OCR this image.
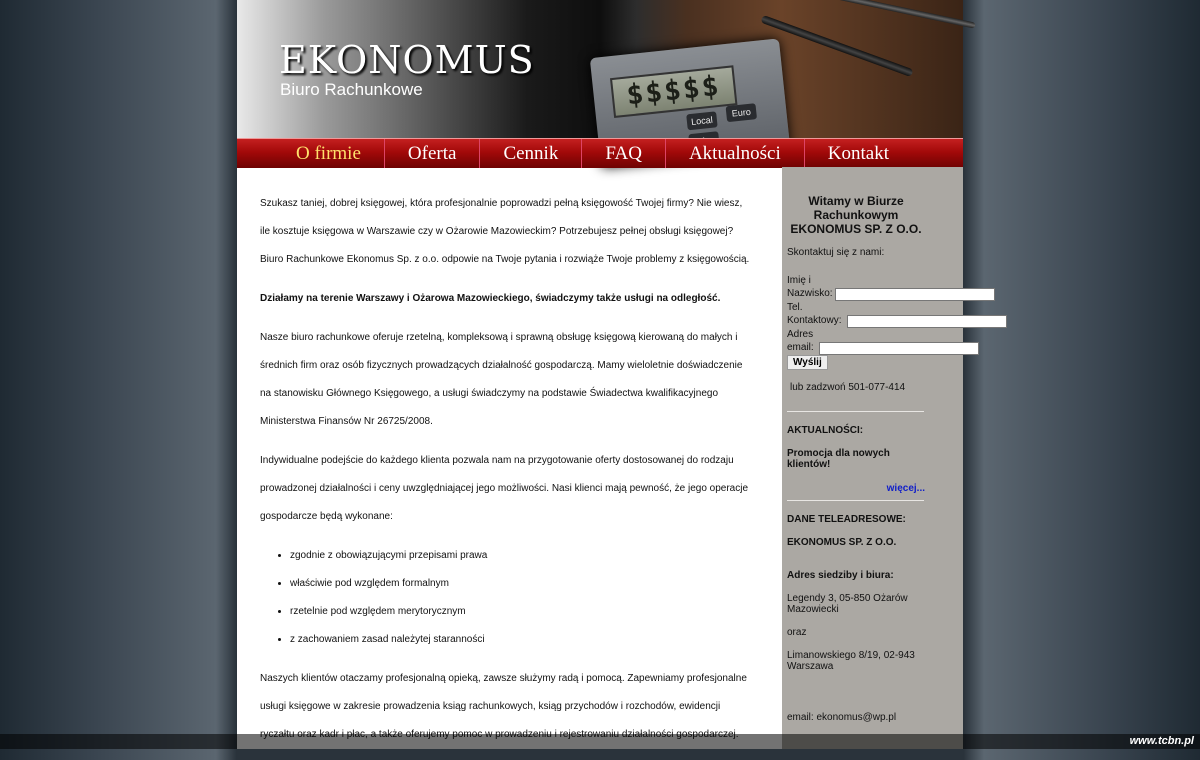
$$$$$
Local
Euro
EKONOMUS
Biuro Rachunkowe
O firmie	Oferta	Cennik	FAQ	Aktualności	Kontakt

Szukasz taniej, dobrej księgowej, która profesjonalnie poprowadzi pełną księgowość Twojej firmy? Nie wiesz, ile kosztuje księgowa w Warszawie czy w Ożarowie Mazowieckim? Potrzebujesz pełnej obsługi księgowej? Biuro Rachunkowe Ekonomus Sp. z o.o. odpowie na Twoje pytania i rozwiąże Twoje problemy z księgowością.

Działamy na terenie Warszawy i Ożarowa Mazowieckiego, świadczymy także usługi na odległość.

Nasze biuro rachunkowe oferuje rzetelną, kompleksową i sprawną obsługę księgową kierowaną do małych i średnich firm oraz osób fizycznych prowadzących działalność gospodarczą. Mamy wieloletnie doświadczenie na stanowisku Głównego Księgowego, a usługi świadczymy na podstawie Świadectwa kwalifikacyjnego Ministerstwa Finansów Nr 26725/2008.

Indywidualne podejście do każdego klienta pozwala nam na przygotowanie oferty dostosowanej do rodzaju prowadzonej działalności i ceny uwzględniającej jego możliwości. Nasi klienci mają pewność, że jego operacje gospodarcze będą wykonane:

• zgodnie z obowiązującymi przepisami prawa
• właściwie pod względem formalnym
• rzetelnie pod względem merytorycznym
• z zachowaniem zasad należytej staranności

Naszych klientów otaczamy profesjonalną opieką, zawsze służymy radą i pomocą. Zapewniamy profesjonalne usługi księgowe w zakresie prowadzenia ksiąg rachunkowych, ksiąg przychodów i rozchodów, ewidencji

Witamy w Biurze Rachunkowym EKONOMUS SP. Z O.O.
Skontaktuj się z nami:
Imię i Nazwisko:
Tel. Kontaktowy:
Adres email:
Wyślij
lub zadzwoń 501-077-414
AKTUALNOŚCI:
Promocja dla nowych klientów!
więcej...
DANE TELEADRESOWE:
EKONOMUS SP. Z O.O.
Adres siedziby i biura:
Legendy 3, 05-850 Ożarów Mazowiecki
oraz
Limanowskiego 8/19, 02-943 Warszawa
email: ekonomus@wp.pl
www.tcbn.pl
